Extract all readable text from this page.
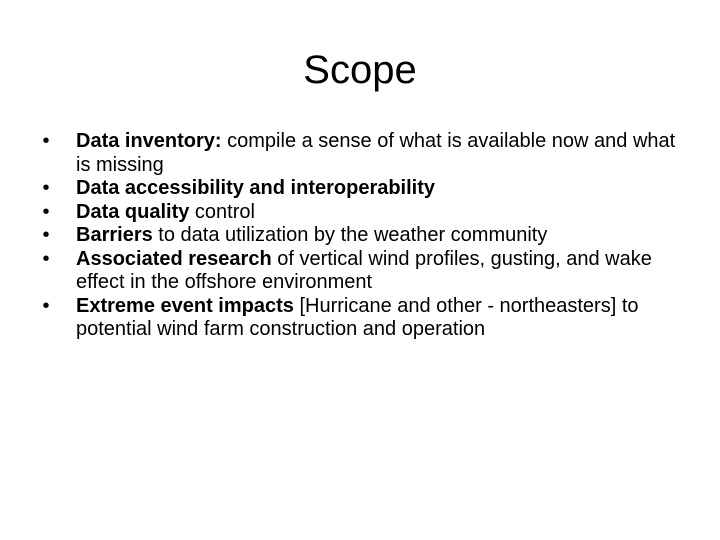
Scope
•	Data inventory: compile a sense of what is available now and what is missing
•	Data accessibility and interoperability
•	Data quality control
•	Barriers to data utilization by the weather community
•	Associated research of vertical wind profiles, gusting, and wake effect in the offshore environment
•	Extreme event impacts [Hurricane and other - northeasters] to potential wind farm construction and operation
